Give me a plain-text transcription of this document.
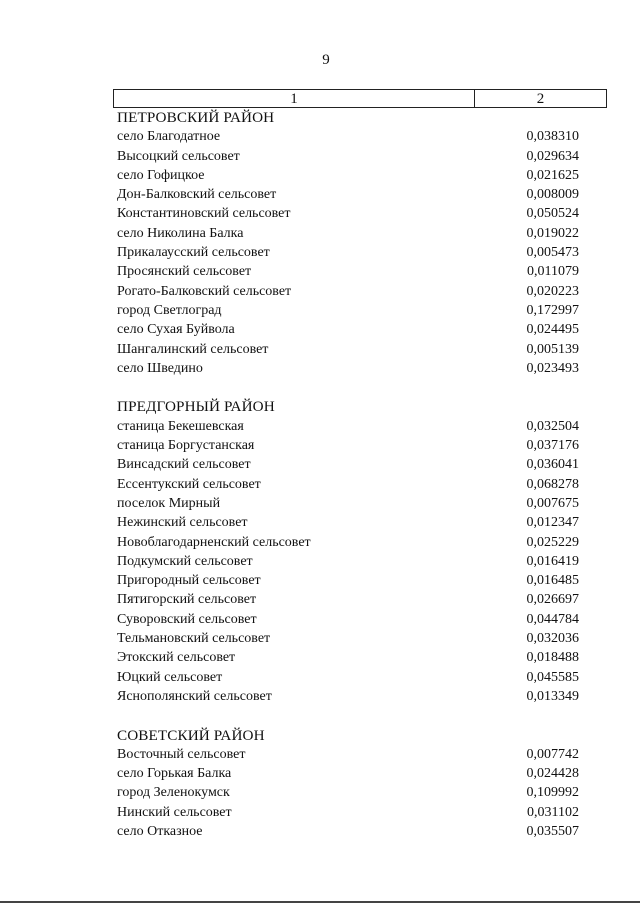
9
1	2
ПЕТРОВСКИЙ РАЙОН
село Благодатное	0,038310
Высоцкий сельсовет	0,029634
село Гофицкое	0,021625
Дон-Балковский сельсовет	0,008009
Константиновский сельсовет	0,050524
село Николина Балка	0,019022
Прикалаусский сельсовет	0,005473
Просянский сельсовет	0,011079
Рогато-Балковский сельсовет	0,020223
город Светлоград	0,172997
село Сухая Буйвола	0,024495
Шангалинский сельсовет	0,005139
село Шведино	0,023493
ПРЕДГОРНЫЙ РАЙОН
станица Бекешевская	0,032504
станица Боргустанская	0,037176
Винсадский сельсовет	0,036041
Ессентукский сельсовет	0,068278
поселок Мирный	0,007675
Нежинский сельсовет	0,012347
Новоблагодарненский сельсовет	0,025229
Подкумский сельсовет	0,016419
Пригородный сельсовет	0,016485
Пятигорский сельсовет	0,026697
Суворовский сельсовет	0,044784
Тельмановский сельсовет	0,032036
Этокский сельсовет	0,018488
Юцкий сельсовет	0,045585
Яснополянский сельсовет	0,013349
СОВЕТСКИЙ РАЙОН
Восточный сельсовет	0,007742
село Горькая Балка	0,024428
город Зеленокумск	0,109992
Нинский сельсовет	0,031102
село Отказное	0,035507
